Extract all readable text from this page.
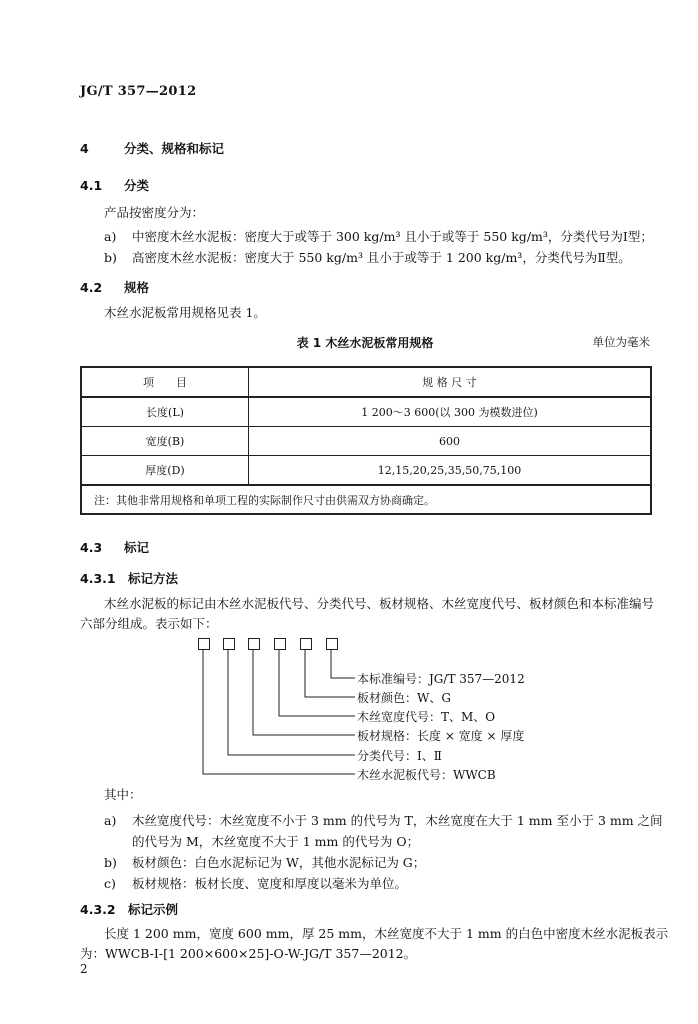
JG/T 357—2012
4	分类、规格和标记
4.1 分类
产品按密度分为：
a) 中密度木丝水泥板：密度大于或等于 300 kg/m³ 且小于或等于 550 kg/m³，分类代号为Ⅰ型；
b) 高密度木丝水泥板：密度大于 550 kg/m³ 且小于或等于 1 200 kg/m³，分类代号为Ⅱ型。
4.2 规格
木丝水泥板常用规格见表 1。
表 1 木丝水泥板常用规格	单位为毫米
项　　目	规 格 尺 寸
长度(L)	1 200～3 600(以 300 为模数进位)
宽度(B)	600
厚度(D)	12,15,20,25,35,50,75,100
注：其他非常用规格和单项工程的实际制作尺寸由供需双方协商确定。	
4.3 标记
4.3.1 标记方法
木丝水泥板的标记由木丝水泥板代号、分类代号、板材规格、木丝宽度代号、板材颜色和本标准编号
六部分组成。表示如下：
本标准编号：JG/T 357—2012
板材颜色：W、G
木丝宽度代号：T、M、O
板材规格：长度 × 宽度 × 厚度
分类代号：Ⅰ、Ⅱ
木丝水泥板代号：WWCB
其中：
a) 木丝宽度代号：木丝宽度不小于 3 mm 的代号为 T，木丝宽度在大于 1 mm 至小于 3 mm 之间
的代号为 M，木丝宽度不大于 1 mm 的代号为 O；
b) 板材颜色：白色水泥标记为 W，其他水泥标记为 G；
c) 板材规格：板材长度、宽度和厚度以毫米为单位。
4.3.2 标记示例
长度 1 200 mm，宽度 600 mm，厚 25 mm，木丝宽度不大于 1 mm 的白色中密度木丝水泥板表示
为：WWCB-Ⅰ-[1 200×600×25]-O-W-JG/T 357—2012。
2
